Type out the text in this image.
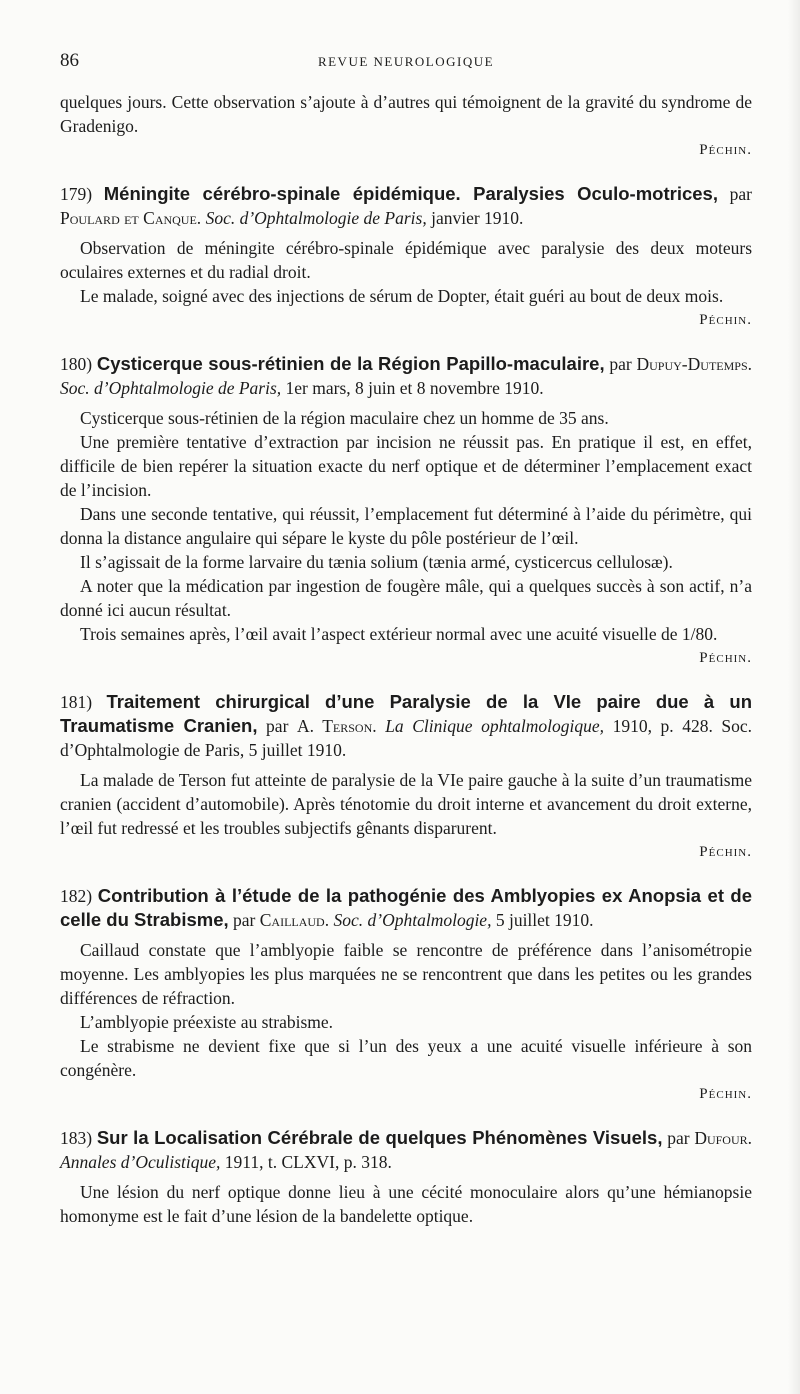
86	REVUE NEUROLOGIQUE

quelques jours. Cette observation s’ajoute à d’autres qui témoignent de la gravité du syndrome de Gradenigo.

Péchin.

179) Méningite cérébro-spinale épidémique. Paralysies Oculo-motrices, par Poulard et Canque. Soc. d’Ophtalmologie de Paris, janvier 1910.

Observation de méningite cérébro-spinale épidémique avec paralysie des deux moteurs oculaires externes et du radial droit.

Le malade, soigné avec des injections de sérum de Dopter, était guéri au bout de deux mois.

Péchin.

180) Cysticerque sous-rétinien de la Région Papillo-maculaire, par Dupuy-Dutemps. Soc. d’Ophtalmologie de Paris, 1er mars, 8 juin et 8 novembre 1910.

Cysticerque sous-rétinien de la région maculaire chez un homme de 35 ans.

Une première tentative d’extraction par incision ne réussit pas. En pratique il est, en effet, difficile de bien repérer la situation exacte du nerf optique et de déterminer l’emplacement exact de l’incision.

Dans une seconde tentative, qui réussit, l’emplacement fut déterminé à l’aide du périmètre, qui donna la distance angulaire qui sépare le kyste du pôle postérieur de l’œil.

Il s’agissait de la forme larvaire du tænia solium (tænia armé, cysticercus cellulosæ).

A noter que la médication par ingestion de fougère mâle, qui a quelques succès à son actif, n’a donné ici aucun résultat.

Trois semaines après, l’œil avait l’aspect extérieur normal avec une acuité visuelle de 1/80.

Péchin.

181) Traitement chirurgical d’une Paralysie de la VIe paire due à un Traumatisme Cranien, par A. Terson. La Clinique ophtalmologique, 1910, p. 428. Soc. d’Ophtalmologie de Paris, 5 juillet 1910.

La malade de Terson fut atteinte de paralysie de la VIe paire gauche à la suite d’un traumatisme cranien (accident d’automobile). Après ténotomie du droit interne et avancement du droit externe, l’œil fut redressé et les troubles subjectifs gênants disparurent.

Péchin.

182) Contribution à l’étude de la pathogénie des Amblyopies ex Anopsia et de celle du Strabisme, par Caillaud. Soc. d’Ophtalmologie, 5 juillet 1910.

Caillaud constate que l’amblyopie faible se rencontre de préférence dans l’anisométropie moyenne. Les amblyopies les plus marquées ne se rencontrent que dans les petites ou les grandes différences de réfraction.

L’amblyopie préexiste au strabisme.

Le strabisme ne devient fixe que si l’un des yeux a une acuité visuelle inférieure à son congénère.

Péchin.

183) Sur la Localisation Cérébrale de quelques Phénomènes Visuels, par Dufour. Annales d’Oculistique, 1911, t. CLXVI, p. 318.

Une lésion du nerf optique donne lieu à une cécité monoculaire alors qu’une hémianopsie homonyme est le fait d’une lésion de la bandelette optique.
